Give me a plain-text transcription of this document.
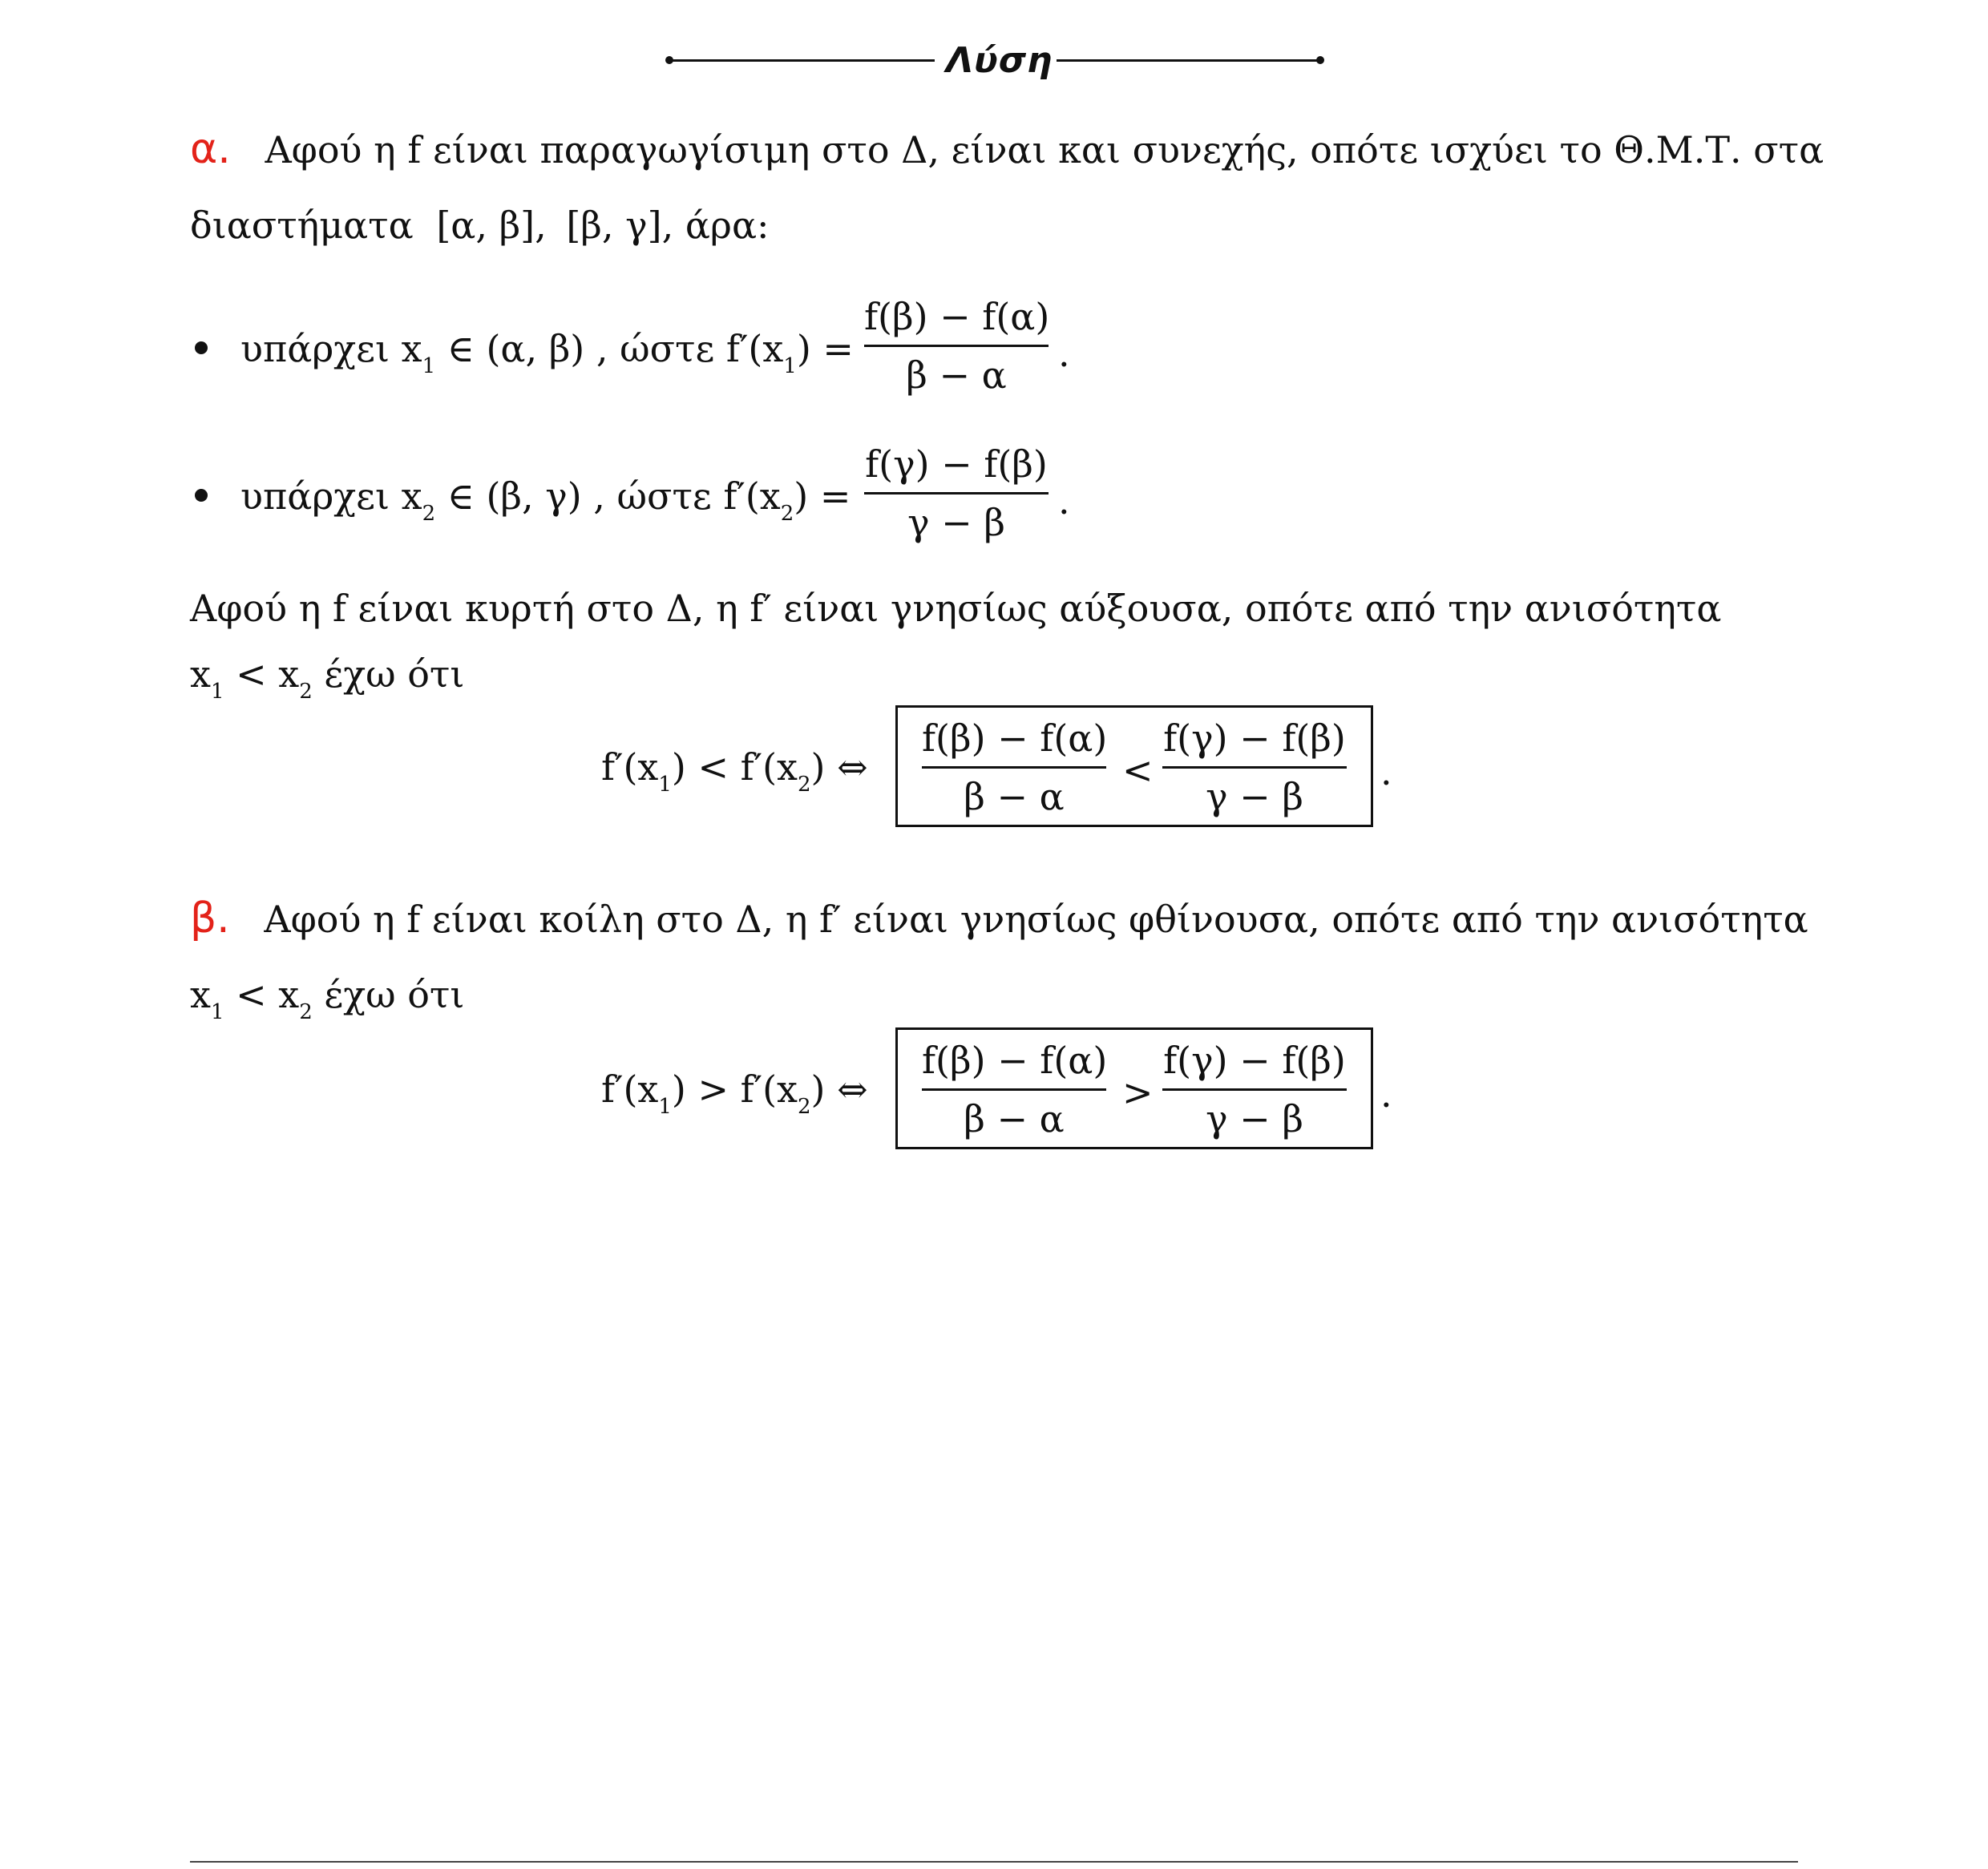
Λύση
α. Αφού η f είναι παραγωγίσιμη στο Δ, είναι και συνεχής, οπότε ισχύει το Θ.Μ.Τ. στα
διαστήματα [α, β], [β, γ], άρα:
υπάρχει $x_1$ ∈ (α, β) , ώστε $f'(x_1)$ =
f(β) − f(α)
β − α	.
υπάρχει $x_2$ ∈ (β, γ) , ώστε $f'(x_2)$ =
f(γ) − f(β)
γ − β	.
Αφού η f είναι κυρτή στο Δ, η f′ είναι γνησίως αύξουσα, οπότε από την ανισότητα
$x_1 < x_2$ έχω ότι
$f'(x_1) < f'(x_2)$ ⇔
f(β) − f(α)
β − α
<
f(γ) − f(β)
γ − β
.
β. Αφού η f είναι κοίλη στο Δ, η f′ είναι γνησίως φθίνουσα, οπότε από την ανισότητα
$x_1 < x_2$ έχω ότι
$f'(x_1) > f'(x_2)$ ⇔
f(β) − f(α)
β − α
>
f(γ) − f(β)
γ − β
.
